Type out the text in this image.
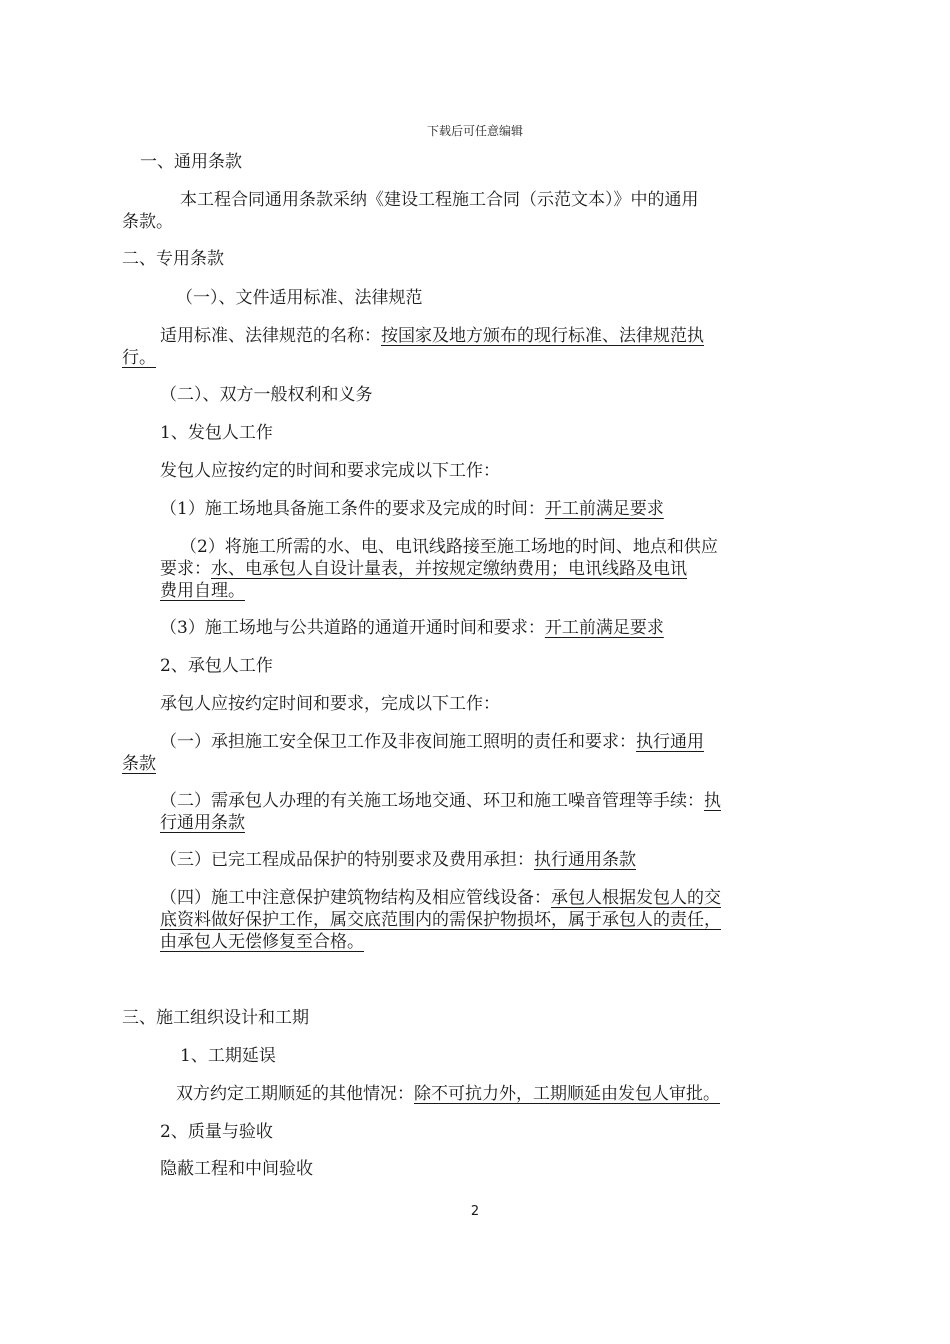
下载后可任意编辑
一、通用条款
本工程合同通用条款采纳《建设工程施工合同（示范文本）》中的通用
条款。
二、专用条款
（一）、文件适用标准、法律规范
适用标准、法律规范的名称：按国家及地方颁布的现行标准、法律规范执
行。
（二）、双方一般权利和义务
1、发包人工作
发包人应按约定的时间和要求完成以下工作：
（1）施工场地具备施工条件的要求及完成的时间：开工前满足要求
（2）将施工所需的水、电、电讯线路接至施工场地的时间、地点和供应
要求：水、电承包人自设计量表，并按规定缴纳费用；电讯线路及电讯
费用自理。
（3）施工场地与公共道路的通道开通时间和要求：开工前满足要求
2、承包人工作
承包人应按约定时间和要求，完成以下工作：
（一）承担施工安全保卫工作及非夜间施工照明的责任和要求：执行通用
条款
（二）需承包人办理的有关施工场地交通、环卫和施工噪音管理等手续：执
行通用条款
（三）已完工程成品保护的特别要求及费用承担：执行通用条款
（四）施工中注意保护建筑物结构及相应管线设备：承包人根据发包人的交
底资料做好保护工作，属交底范围内的需保护物损坏，属于承包人的责任，
由承包人无偿修复至合格。
三、施工组织设计和工期
1、工期延误
双方约定工期顺延的其他情况：除不可抗力外，工期顺延由发包人审批。
2、质量与验收
隐蔽工程和中间验收
2
